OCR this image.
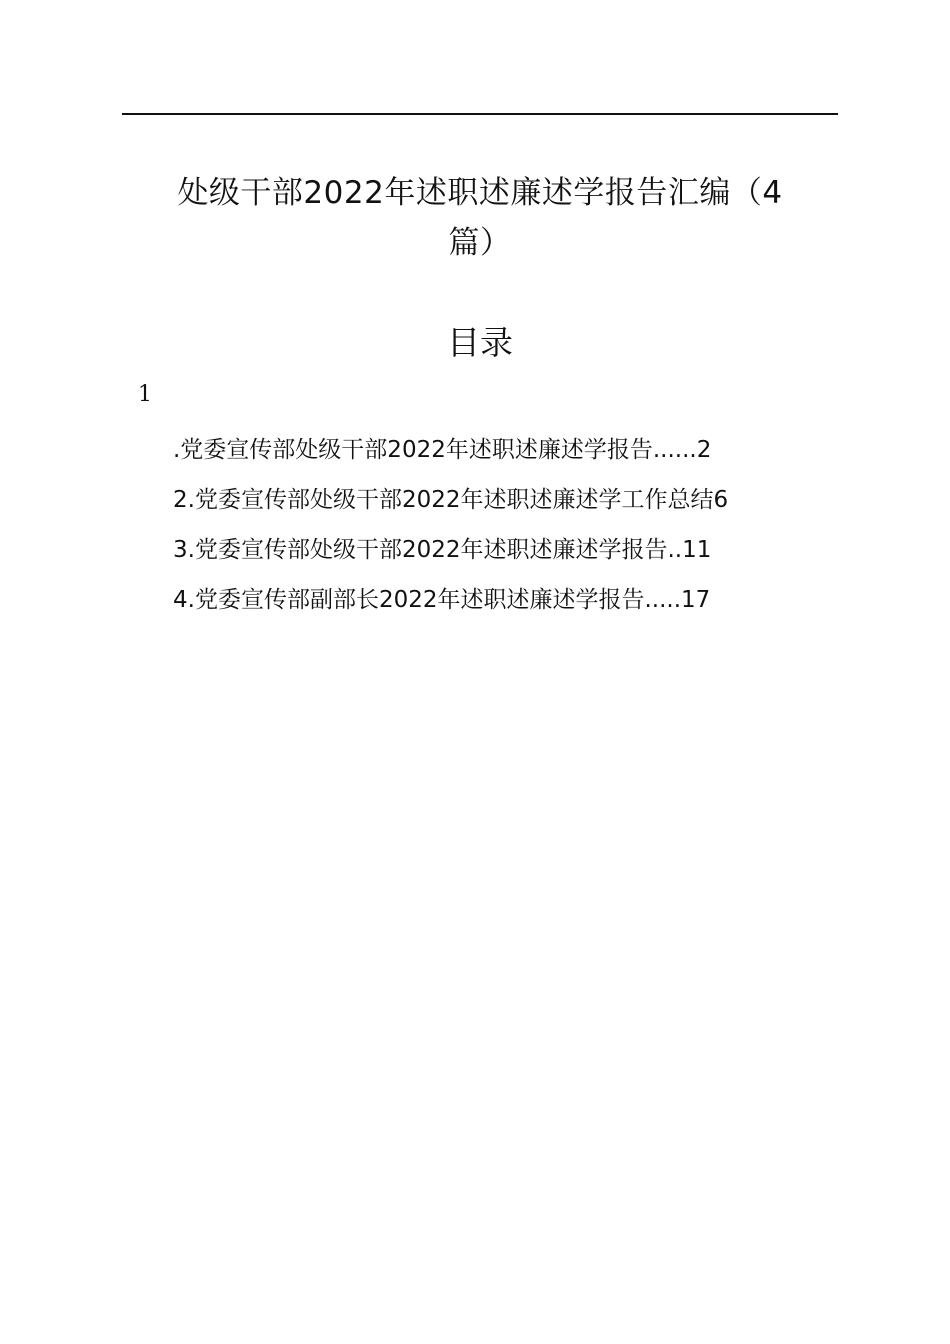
处级干部2022年述职述廉述学报告汇编（4
篇）
目录
1
.党委宣传部处级干部2022年述职述廉述学报告......2
2.党委宣传部处级干部2022年述职述廉述学工作总结6
3.党委宣传部处级干部2022年述职述廉述学报告..11
4.党委宣传部副部长2022年述职述廉述学报告.....17
